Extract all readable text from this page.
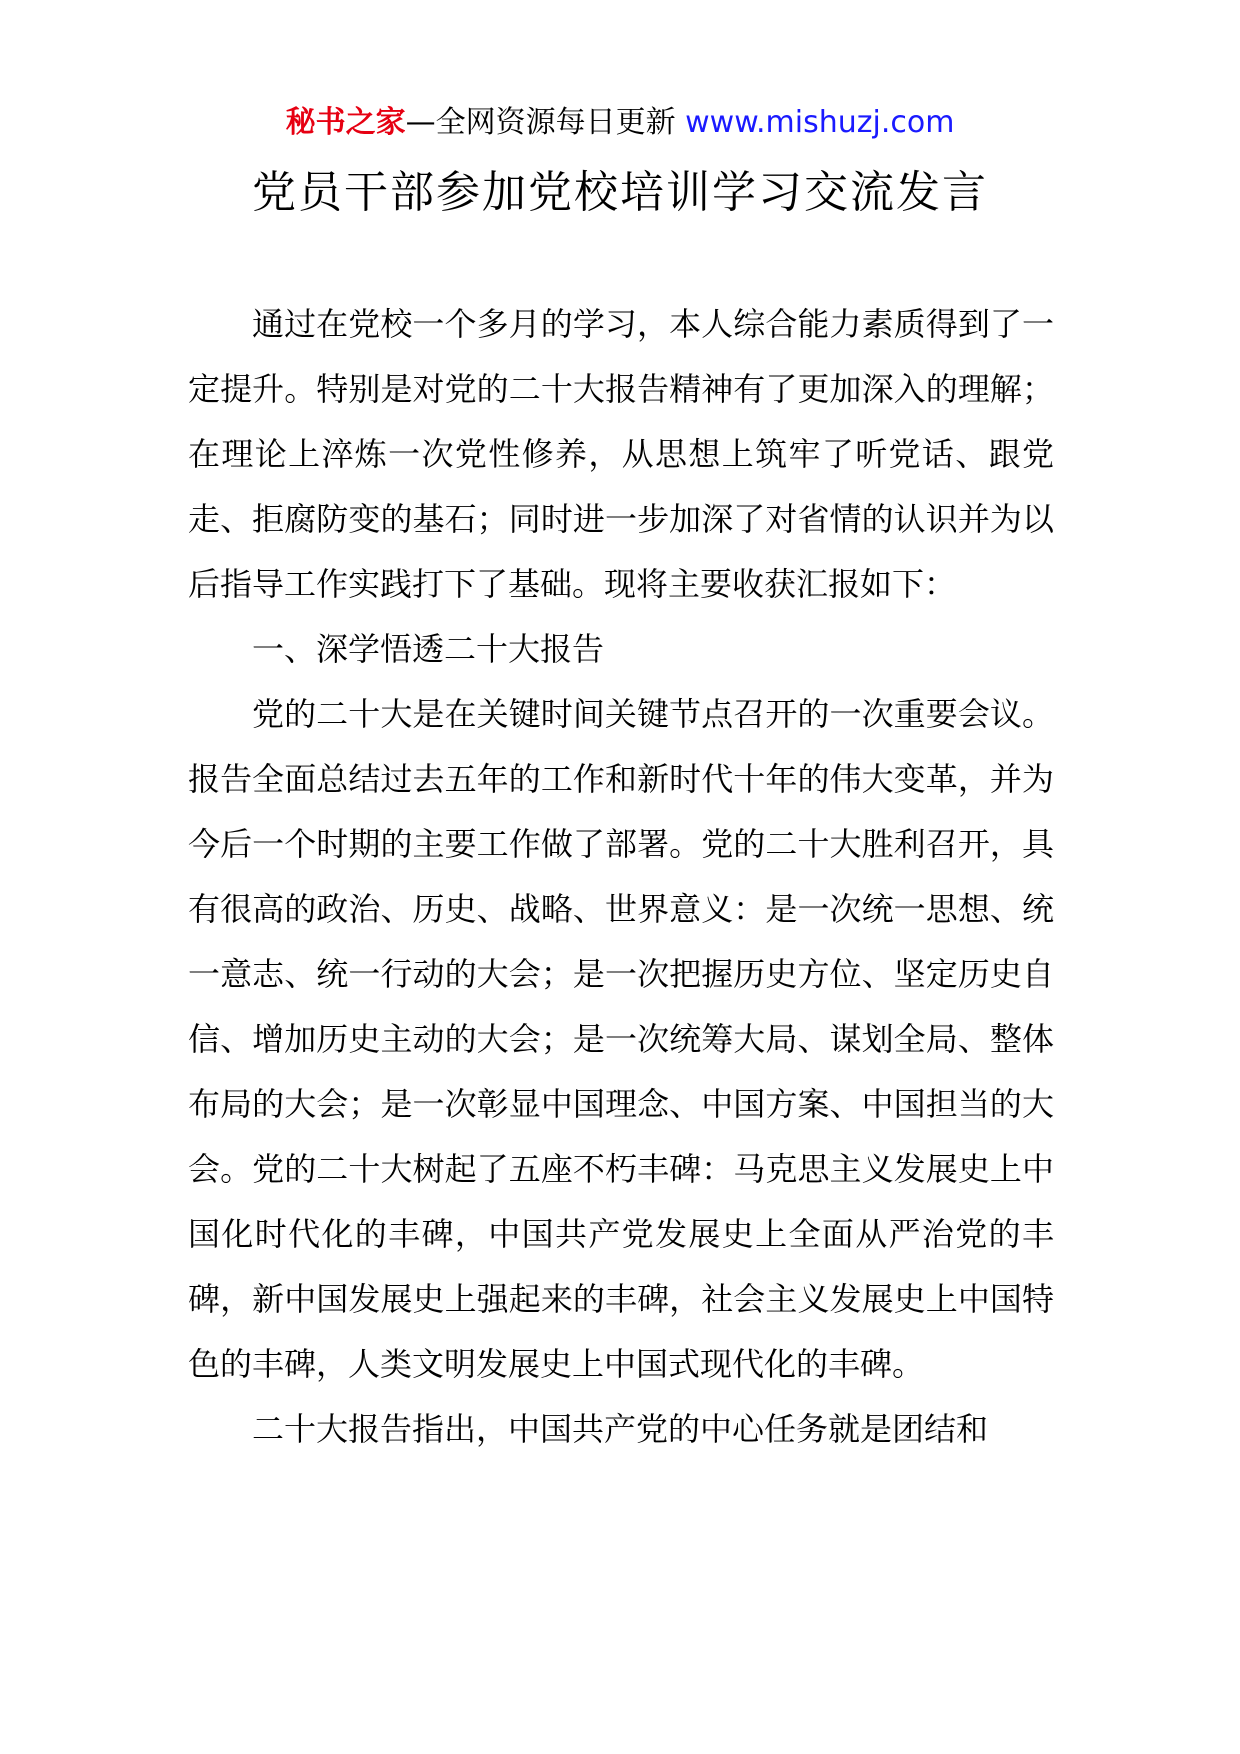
秘书之家—全网资源每日更新 www.mishuzj.com
党员干部参加党校培训学习交流发言

通过在党校一个多月的学习，本人综合能力素质得到了一定提升。特别是对党的二十大报告精神有了更加深入的理解；在理论上淬炼一次党性修养，从思想上筑牢了听党话、跟党走、拒腐防变的基石；同时进一步加深了对省情的认识并为以后指导工作实践打下了基础。现将主要收获汇报如下：

一、深学悟透二十大报告

党的二十大是在关键时间关键节点召开的一次重要会议。报告全面总结过去五年的工作和新时代十年的伟大变革，并为今后一个时期的主要工作做了部署。党的二十大胜利召开，具有很高的政治、历史、战略、世界意义：是一次统一思想、统一意志、统一行动的大会；是一次把握历史方位、坚定历史自信、增加历史主动的大会；是一次统筹大局、谋划全局、整体布局的大会；是一次彰显中国理念、中国方案、中国担当的大会。党的二十大树起了五座不朽丰碑：马克思主义发展史上中国化时代化的丰碑，中国共产党发展史上全面从严治党的丰碑，新中国发展史上强起来的丰碑，社会主义发展史上中国特色的丰碑，人类文明发展史上中国式现代化的丰碑。

二十大报告指出，中国共产党的中心任务就是团结和
